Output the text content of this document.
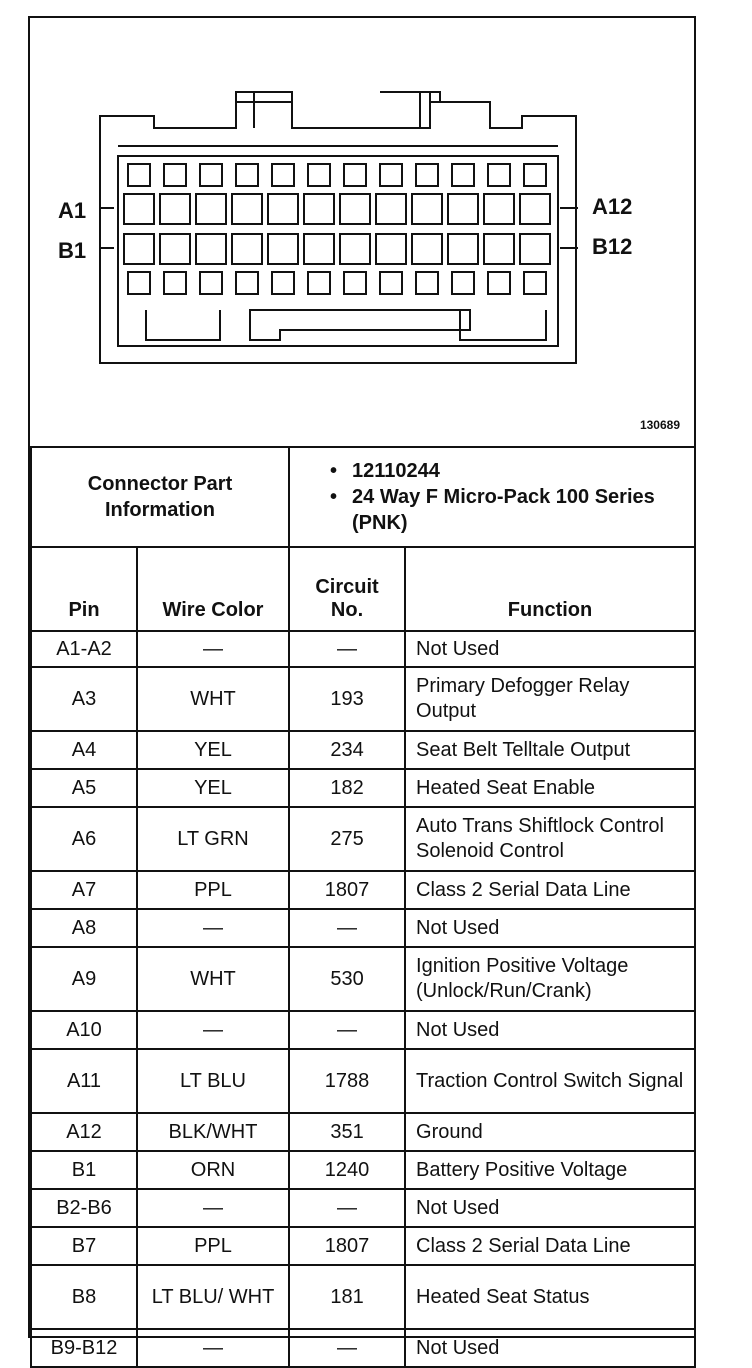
A1
B1
A12
B12
130689
Connector Part Information		• 12110244
• 24 Way F Micro-Pack 100 Series (PNK)	

Pin	Wire Color	Circuit No.	Function
A1-A2	—	—	Not Used
A3	WHT	193	Primary Defogger Relay Output
A4	YEL	234	Seat Belt Telltale Output
A5	YEL	182	Heated Seat Enable
A6	LT GRN	275	Auto Trans Shiftlock Control Solenoid Control
A7	PPL	1807	Class 2 Serial Data Line
A8	—	—	Not Used
A9	WHT	530	Ignition Positive Voltage (Unlock/Run/Crank)
A10	—	—	Not Used
A11	LT BLU	1788	Traction Control Switch Signal
A12	BLK/WHT	351	Ground
B1	ORN	1240	Battery Positive Voltage
B2-B6	—	—	Not Used
B7	PPL	1807	Class 2 Serial Data Line
B8	LT BLU/ WHT	181	Heated Seat Status
B9-B12	—	—	Not Used
